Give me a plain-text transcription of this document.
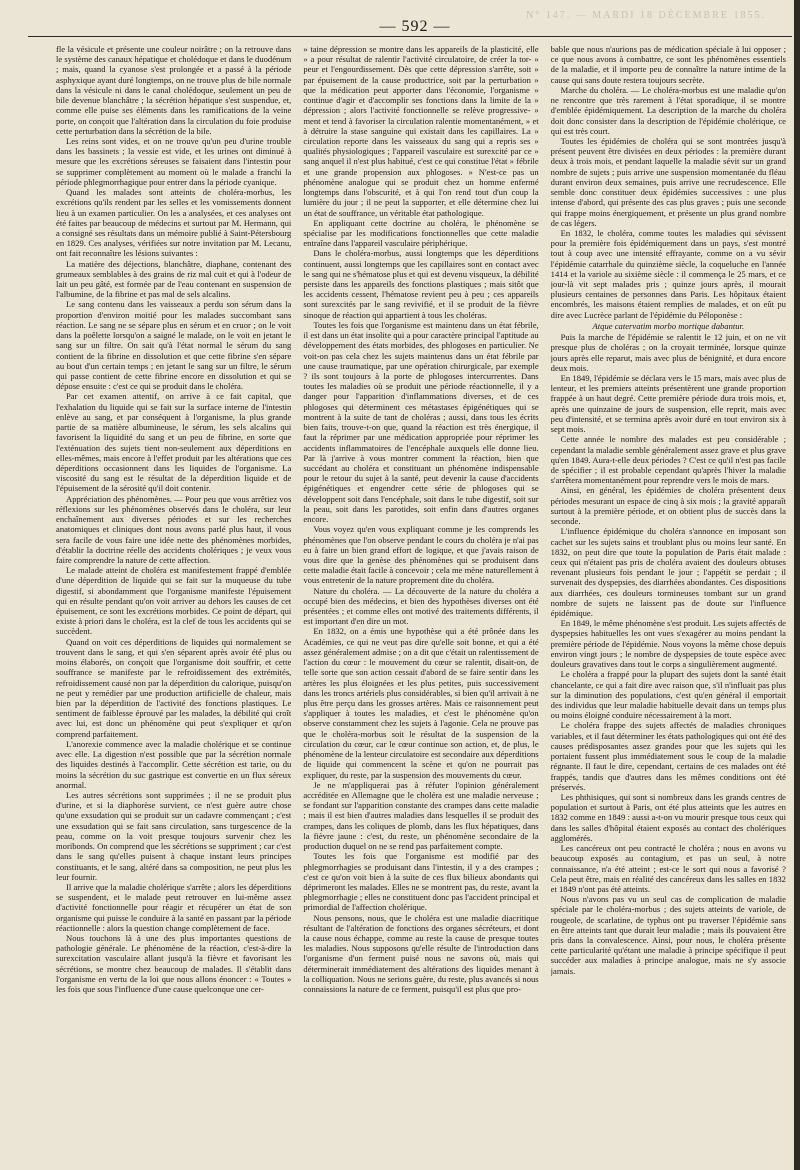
N° 147. — MARDI 18 DÉCEMBRE 1855.
— 592 —

fle la vésicule et présente une couleur noirâtre ; on la retrouve dans le système des canaux hépatique et cholédoque et dans le duodénum ; mais, quand la cyanose s'est prolongée et a passé à la période asphyxique ayant duré longtemps, on ne trouve plus de bile normale dans la vésicule ni dans le canal cholédoque, seulement un peu de bile devenue blanchâtre ; la sécrétion hépatique s'est suspendue, et, comme elle puise ses éléments dans les ramifications de la veine porte, on conçoit que l'altération dans la circulation du foie produise cette perturbation dans la sécrétion de la bile.

Les reins sont vides, et on ne trouve qu'un peu d'urine trouble dans les bassinets ; la vessie est vide, et les urines ont diminué à mesure que les excrétions séreuses se faisaient dans l'intestin pour se supprimer complètement au moment où le malade a franchi la période phlegmorrhagique pour entrer dans la période cyanique.

Quand les malades sont atteints de choléra-morbus, les excrétions qu'ils rendent par les selles et les vomissements donnent lieu à un examen particulier. On les a analysées, et ces analyses ont été faites par beaucoup de médecins et surtout par M. Hermann, qui a consigné ses résultats dans un mémoire publié à Saint-Pétersbourg en 1829. Ces analyses, vérifiées sur notre invitation par M. Lecanu, ont fait reconnaître les lésions suivantes :

La matière des déjections, blanchâtre, diaphane, contenant des grumeaux semblables à des grains de riz mal cuit et qui à l'odeur de lait un peu gâté, est formée par de l'eau contenant en suspension de l'albumine, de la fibrine et pas mal de sels alcalins.

Le sang contenu dans les vaisseaux a perdu son sérum dans la proportion d'environ moitié pour les malades succombant sans réaction. Le sang ne se sépare plus en sérum et en cruor ; on le voit dans la poêlette lorsqu'on a saigné le malade, on le voit en jetant le sang sur un filtre. On sait qu'à l'état normal le sérum du sang contient de la fibrine en dissolution et que cette fibrine s'en sépare au bout d'un certain temps ; en jetant le sang sur un filtre, le sérum qui passe contient de cette fibrine encore en dissolution et qui se dépose ensuite : c'est ce qui se produit dans le choléra.

Par cet examen attentif, on arrive à ce fait capital, que l'exhalation du liquide qui se fait sur la surface interne de l'intestin enlève au sang, et par conséquent à l'organisme, la plus grande partie de sa matière albumineuse, le sérum, les sels alcalins qui favorisent la liquidité du sang et un peu de fibrine, en sorte que l'exténuation des sujets tient non-seulement aux déperditions en elles-mêmes, mais encore à l'effet produit par les altérations que ces déperditions occasionnent dans les liquides de l'organisme. La viscosité du sang est le résultat de la déperdition liquide et de l'épuisement de la sérosité qu'il doit contenir.

Appréciation des phénomènes. — Pour peu que vous arrêtiez vos réflexions sur les phénomènes observés dans le choléra, sur leur enchaînement aux diverses périodes et sur les recherches anatomiques et cliniques dont nous avons parlé plus haut, il vous sera facile de vous faire une idée nette des phénomènes morbides, d'établir la doctrine réelle des accidents cholériques ; je veux vous faire comprendre la nature de cette affection.

Le malade atteint de choléra est manifestement frappé d'emblée d'une déperdition de liquide qui se fait sur la muqueuse du tube digestif, si abondamment que l'organisme manifeste l'épuisement qui en résulte pendant qu'on voit arriver au dehors les causes de cet épuisement, ce sont les excrétions morbides. Ce point de départ, qui existe à priori dans le choléra, est la clef de tous les accidents qui se succèdent.

Quand on voit ces déperditions de liquides qui normalement se trouvent dans le sang, et qui s'en séparent après avoir été plus ou moins élaborés, on conçoit que l'organisme doit souffrir, et cette souffrance se manifeste par le refroidissement des extrémités, refroidissement causé non par la déperdition du calorique, puisqu'on ne peut y remédier par une production artificielle de chaleur, mais bien par la déperdition de l'activité des fonctions plastiques. Le sentiment de faiblesse éprouvé par les malades, la débilité qui croît avec lui, est donc un phénomène qui peut s'expliquer et qu'on comprend parfaitement.

L'anorexie commence avec la maladie cholérique et se continue avec elle. La digestion n'est possible que par la sécrétion normale des liquides destinés à l'accomplir. Cette sécrétion est tarie, ou du moins la sécrétion du suc gastrique est convertie en un flux séreux anormal.

Les autres sécrétions sont supprimées ; il ne se produit plus d'urine, et si la diaphorèse survient, ce n'est guère autre chose qu'une exsudation qui se produit sur un cadavre commençant ; c'est une exsudation qui se fait sans circulation, sans turgescence de la peau, comme on la voit presque toujours survenir chez les moribonds. On comprend que les sécrétions se suppriment ; car c'est dans le sang qu'elles puisent à chaque instant leurs principes constituants, et le sang, altéré dans sa composition, ne peut plus les leur fournir.

Il arrive que la maladie cholérique s'arrête ; alors les déperditions se suspendent, et le malade peut retrouver en lui-même assez d'activité fonctionnelle pour réagir et récupérer un état de son organisme qui puisse le conduire à la santé en passant par la période réactionnelle : alors la question change complètement de face.

Nous touchons là à une des plus importantes questions de pathologie générale. Le phénomène de la réaction, c'est-à-dire la surexcitation vasculaire allant jusqu'à la fièvre et favorisant les sécrétions, se montre chez beaucoup de malades. Il s'établit dans l'organisme en vertu de la loi que nous allons énoncer : « Toutes » les fois que sous l'influence d'une cause quelconque une cer-

» taine dépression se montre dans les appareils de la plasticité, elle » a pour résultat de ralentir l'activité circulatoire, de créer la tor- » peur et l'engourdissement. Dès que cette dépression s'arrête, soit » par épuisement de la cause productrice, soit par la perturbation » que la médication peut apporter dans l'économie, l'organisme » continue d'agir et d'accomplir ses fonctions dans la limite de la » dépression ; alors l'activité fonctionnelle se relève progressive- » ment et tend à favoriser la circulation ralentie momentanément, » et à détruire la stase sanguine qui existait dans les capillaires. La » circulation reporte dans les vaisseaux du sang qui a repris ses » qualités physiologiques ; l'appareil vasculaire est surexcité par ce » sang anquel il n'est plus habitué, c'est ce qui constitue l'état » fébrile et une grande propension aux phlogoses. » N'est-ce pas un phénomène analogue qui se produit chez un homme enfermé longtemps dans l'obscurité, et à qui l'on rend tout d'un coup la lumière du jour ; il ne peut la supporter, et elle détermine chez lui un état de souffrance, un véritable état pathologique.

En appliquant cette doctrine au choléra, le phénomène se spécialise par les modifications fonctionnelles que cette maladie entraîne dans l'appareil vasculaire périphérique.

Dans le choléra-morbus, aussi longtemps que les déperditions continuent, aussi longtemps que les capillaires sont en contact avec le sang qui ne s'hématose plus et qui est devenu visqueux, la débilité persiste dans les appareils des fonctions plastiques ; mais sitôt que les accidents cessent, l'hématose revient peu à peu ; ces appareils sont surexcités par le sang revivifié, et il se produit de la fièvre sinoque de réaction qui appartient à tous les choléras.

Toutes les fois que l'organisme est maintenu dans un état fébrile, il est dans un état insolite qui a pour caractère principal l'aptitude au développement des états morbides, des phlogoses en particulier. Ne voit-on pas cela chez les sujets maintenus dans un état fébrile par une cause traumatique, par une opération chirurgicale, par exemple ? ils sont toujours à la porte de phlogoses intercurrentes. Dans toutes les maladies où se produit une période réactionnelle, il y a danger pour l'apparition d'inflammations diverses, et de ces phlogoses qui déterminent ces métastases épigénétiques qui se montrent à la suite de tant de choléras ; aussi, dans tous les écrits bien faits, trouve-t-on que, quand la réaction est très énergique, il faut la réprimer par une médication appropriée pour réprimer les accidents inflammatoires de l'encéphale auxquels elle donne lieu. Par là j'arrive à vous montrer comment la réaction, bien que succédant au choléra et constituant un phénomène indispensable pour le retour du sujet à la santé, peut devenir la cause d'accidents épigénétiques et engendrer cette série de phlogoses qui se développent soit dans l'encéphale, soit dans le tube digestif, soit sur la peau, soit dans les parotides, soit enfin dans d'autres organes encore.

Vous voyez qu'en vous expliquant comme je les comprends les phénomènes que l'on observe pendant le cours du choléra je n'ai pas eu à faire un bien grand effort de logique, et que j'avais raison de vous dire que la genèse des phénomènes qui se produisent dans cette maladie était facile à concevoir ; cela me mène naturellement à vous entretenir de la nature proprement dite du choléra.

Nature du choléra. — La découverte de la nature du choléra a occupé bien des médecins, et bien des hypothèses diverses ont été présentées ; et comme elles ont motivé des traitements différents, il est important d'en dire un mot.

En 1832, on a émis une hypothèse qui a été prônée dans les Académies, ce qui ne veut pas dire qu'elle soit bonne, et qui a été assez généralement admise ; on a dit que c'était un ralentissement de l'action du cœur : le mouvement du cœur se ralentit, disait-on, de telle sorte que son action cessait d'abord de se faire sentir dans les artères les plus éloignées et les plus petites, puis successivement dans les troncs artériels plus considérables, si bien qu'il arrivait à ne plus être perçu dans les grosses artères. Mais ce raisonnement peut s'appliquer à toutes les maladies, et c'est le phénomène qu'on observe constamment chez les sujets à l'agonie. Cela ne prouve pas que le choléra-morbus soit le résultat de la suspension de la circulation du cœur, car le cœur continue son action, et, de plus, le phénomène de la lenteur circulatoire est secondaire aux déperditions de liquide qui commencent la scène et qu'on ne pourrait pas expliquer, du reste, par la suspension des mouvements du cœur.

Je ne m'appliquerai pas à réfuter l'opinion généralement accréditée en Allemagne que le choléra est une maladie nerveuse ; se fondant sur l'apparition constante des crampes dans cette maladie ; mais il est bien d'autres maladies dans lesquelles il se produit des crampes, dans les coliques de plomb, dans les flux hépatiques, dans la fièvre jaune : c'est, du reste, un phénomène secondaire de la production duquel on ne se rend pas parfaitement compte.

Toutes les fois que l'organisme est modifié par des phlegmorrhagies se produisant dans l'intestin, il y a des crampes ; c'est ce qu'on voit bien à la suite de ces flux bilieux abondants qui déprimeront les malades. Elles ne se montrent pas, du reste, avant la phlegmorrhagie ; elles ne constituent donc pas l'accident principal et primordial de l'affection cholérique.

Nous pensons, nous, que le choléra est une maladie diacritique résultant de l'altération de fonctions des organes sécréteurs, et dont la cause nous échappe, comme au reste la cause de presque toutes les maladies. Nous supposons qu'elle résulte de l'introduction dans l'organisme d'un ferment puisé nous ne savons où, mais qui déterminerait immédiatement des altérations des liquides menant à la colliquation. Nous ne serions guère, du reste, plus avancés si nous connaissions la nature de ce ferment, puisqu'il est plus que pro-

bable que nous n'aurions pas de médication spéciale à lui opposer ; ce que nous avons à combattre, ce sont les phénomènes essentiels de la maladie, et il importe peu de connaître la nature intime de la cause qui sans doute restera toujours secrète.

Marche du choléra. — Le choléra-morbus est une maladie qu'on ne rencontre que très rarement à l'état sporadique, il se montre d'emblée épidémiquement. La description de la marche du choléra doit donc consister dans la description de l'épidémie cholérique, ce qui est très court.

Toutes les épidémies de choléra qui se sont montrées jusqu'à présent peuvent être divisées en deux périodes : la première durant deux à trois mois, et pendant laquelle la maladie sévit sur un grand nombre de sujets ; puis arrive une suspension momentanée du fléau durant environ deux semaines, puis arrive une recrudescence. Elle semble donc constituer deux épidémies successives : une plus intense d'abord, qui présente des cas plus graves ; puis une seconde qui frappe moins énergiquement, et présente un plus grand nombre de cas légers.

En 1832, le choléra, comme toutes les maladies qui sévissent pour la première fois épidémiquement dans un pays, s'est montré tout à coup avec une intensité effrayante, comme on a vu sévir l'épidémie catarrhale du quinzième siècle, la coqueluche en l'année 1414 et la variole au sixième siècle : il commença le 25 mars, et ce jour-là vit sept malades pris ; quinze jours après, il mourait plusieurs centaines de personnes dans Paris. Les hôpitaux étaient encombrés, les maisons étaient remplies de malades, et on eût pu dire avec Lucrèce parlant de l'épidémie du Péloponèse :

Atque catervatim morbo mortique dabantur.

Puis la marche de l'épidémie se ralentit le 12 juin, et on ne vit presque plus de choléras ; on la croyait terminée, lorsque quinze jours après elle reparut, mais avec plus de bénignité, et dura encore deux mois.

En 1849, l'épidémie se déclara vers le 15 mars, mais avec plus de lenteur, et les premiers atteints présentèrent une grande proportion frappée à un haut degré. Cette première période dura trois mois, et, après une quinzaine de jours de suspension, elle reprit, mais avec peu d'intensité, et se termina après avoir duré en tout environ six à sept mois.

Cette année le nombre des malades est peu considérable ; cependant la maladie semble généralement assez grave et plus grave qu'en 1849. Aura-t-elle deux périodes ? C'est ce qu'il n'est pas facile de spécifier ; il est probable cependant qu'après l'hiver la maladie s'arrêtera momentanément pour reprendre vers le mois de mars.

Ainsi, en général, les épidémies de choléra présentent deux périodes mesurant un espace de cinq à six mois ; la gravité apparaît surtout à la première période, et on obtient plus de succès dans la seconde.

L'influence épidémique du choléra s'annonce en imposant son cachet sur les sujets sains et troublant plus ou moins leur santé. En 1832, on peut dire que toute la population de Paris était malade : ceux qui n'étaient pas pris de choléra avaient des douleurs obtuses revenant plusieurs fois pendant le jour ; l'appétit se perdait ; il survenait des dyspepsies, des diarrhées abondantes. Ces dispositions aux diarrhées, ces douleurs tormineuses tombant sur un grand nombre de sujets ne laissent pas de doute sur l'influence épidémique.

En 1849, le même phénomène s'est produit. Les sujets affectés de dyspepsies habituelles les ont vues s'exagérer au moins pendant la première période de l'épidémie. Nous voyons la même chose depuis environ vingt jours ; le nombre de dyspepsies de toute espèce avec douleurs gravatives dans tout le corps a singulièrement augmenté.

Le choléra a frappé pour la plupart des sujets dont la santé était chancelante, ce qui a fait dire avec raison que, s'il n'influait pas plus sur la diminution des populations, c'est qu'en général il emportait des individus que leur maladie habituelle devait dans un temps plus ou moins éloigné conduire nécessairement à la mort.

Le choléra frappe des sujets affectés de maladies chroniques variables, et il faut déterminer les états pathologiques qui ont été des causes prédisposantes assez grandes pour que les sujets qui les portaient fussent plus immédiatement sous le coup de la maladie régnante. Il faut le dire, cependant, certains de ces malades ont été frappés, tandis que d'autres dans les mêmes conditions ont été préservés.

Les phthisiques, qui sont si nombreux dans les grands centres de population et surtout à Paris, ont été plus atteints que les autres en 1832 comme en 1849 : aussi a-t-on vu mourir presque tous ceux qui dans les salles d'hôpital étaient exposés au contact des cholériques agglomérés.

Les cancéreux ont peu contracté le choléra ; nous en avons vu beaucoup exposés au contagium, et pas un seul, à notre connaissance, n'a été atteint ; est-ce le sort qui nous a favorisé ? Cela peut être, mais en réalité des cancéreux dans les salles en 1832 et 1849 n'ont pas été atteints.

Nous n'avons pas vu un seul cas de complication de maladie spéciale par le choléra-morbus ; des sujets atteints de variole, de rougeole, de scarlatine, de typhus ont pu traverser l'épidémie sans en être atteints tant que durait leur maladie ; mais ils pouvaient être pris dans la convalescence. Ainsi, pour nous, le choléra présente cette particularité qu'étant une maladie à principe spécifique il peut succéder aux maladies à principe analogue, mais ne s'y associe jamais.
